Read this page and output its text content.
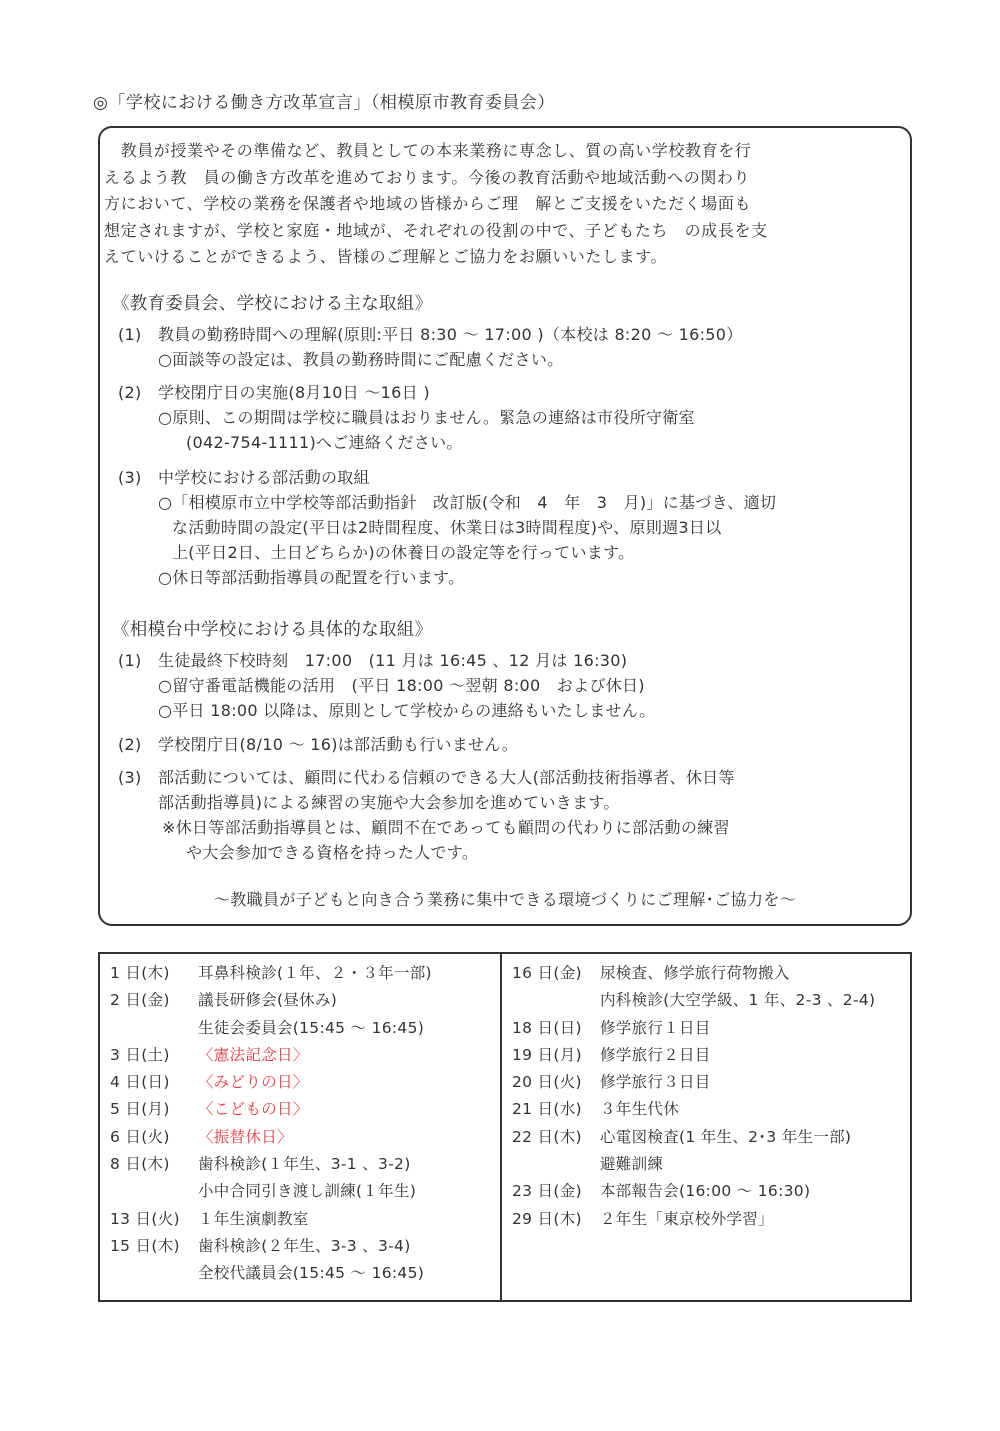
◎「学校における働き方改革宣言」（相模原市教育委員会）

　教員が授業やその準備など、教員としての本来業務に専念し、質の高い学校教育を行

えるよう教　員の働き方改革を進めております。今後の教育活動や地域活動への関わり

方において、学校の業務を保護者や地域の皆様からご理　解とご支援をいただく場面も

想定されますが、学校と家庭・地域が、それぞれの役割の中で、子どもたち　の成長を支

えていけることができるよう、皆様のご理解とご協力をお願いいたします。

《教育委員会、学校における主な取組》
(1) 教員の勤務時間への理解(原則:平日 8:30 ～ 17:00 )（本校は 8:20 ～ 16:50）
○面談等の設定は、教員の勤務時間にご配慮ください。
(2) 学校閉庁日の実施(8月10日 ～16日 )
○原則、この期間は学校に職員はおりません。緊急の連絡は市役所守衛室
(042-754-1111)へご連絡ください。
(3) 中学校における部活動の取組
○「相模原市立中学校等部活動指針　改訂版(令和　4　年　3　月)」に基づき、適切
な活動時間の設定(平日は2時間程度、休業日は3時間程度)や、原則週3日以
上(平日2日、土日どちらか)の休養日の設定等を行っています。
○休日等部活動指導員の配置を行います。
《相模台中学校における具体的な取組》
(1) 生徒最終下校時刻　17:00　(11 月は 16:45 、12 月は 16:30)
○留守番電話機能の活用　(平日 18:00 ～翌朝 8:00　および休日)
○平日 18:00 以降は、原則として学校からの連絡もいたしません。
(2) 学校閉庁日(8/10 ～ 16)は部活動も行いません。
(3) 部活動については、顧問に代わる信頼のできる大人(部活動技術指導者、休日等
部活動指導員)による練習の実施や大会参加を進めていきます。
※休日等部活動指導員とは、顧問不在であっても顧問の代わりに部活動の練習
や大会参加できる資格を持った人です。
～教職員が子どもと向き合う業務に集中できる環境づくりにご理解･ご協力を～
1 日(木)	耳鼻科検診(１年、２・３年一部)
2 日(金)	議長研修会(昼休み)
生徒会委員会(15:45 ～ 16:45)
3 日(土)	〈憲法記念日〉
4 日(日)	〈みどりの日〉
5 日(月)	〈こどもの日〉
6 日(火)	〈振替休日〉
8 日(木)	歯科検診(１年生、3-1 、3-2)
小中合同引き渡し訓練(１年生)
13 日(火)	１年生演劇教室
15 日(木)	歯科検診(２年生、3-3 、3-4)
全校代議員会(15:45 ～ 16:45)
16 日(金)	尿検査、修学旅行荷物搬入
内科検診(大空学級、1 年、2-3 、2-4)
18 日(日)	修学旅行１日目
19 日(月)	修学旅行２日目
20 日(火)	修学旅行３日目
21 日(水)	３年生代休
22 日(木)	心電図検査(1 年生、2･3 年生一部)
避難訓練
23 日(金)	本部報告会(16:00 ～ 16:30)
29 日(木)	２年生「東京校外学習」
